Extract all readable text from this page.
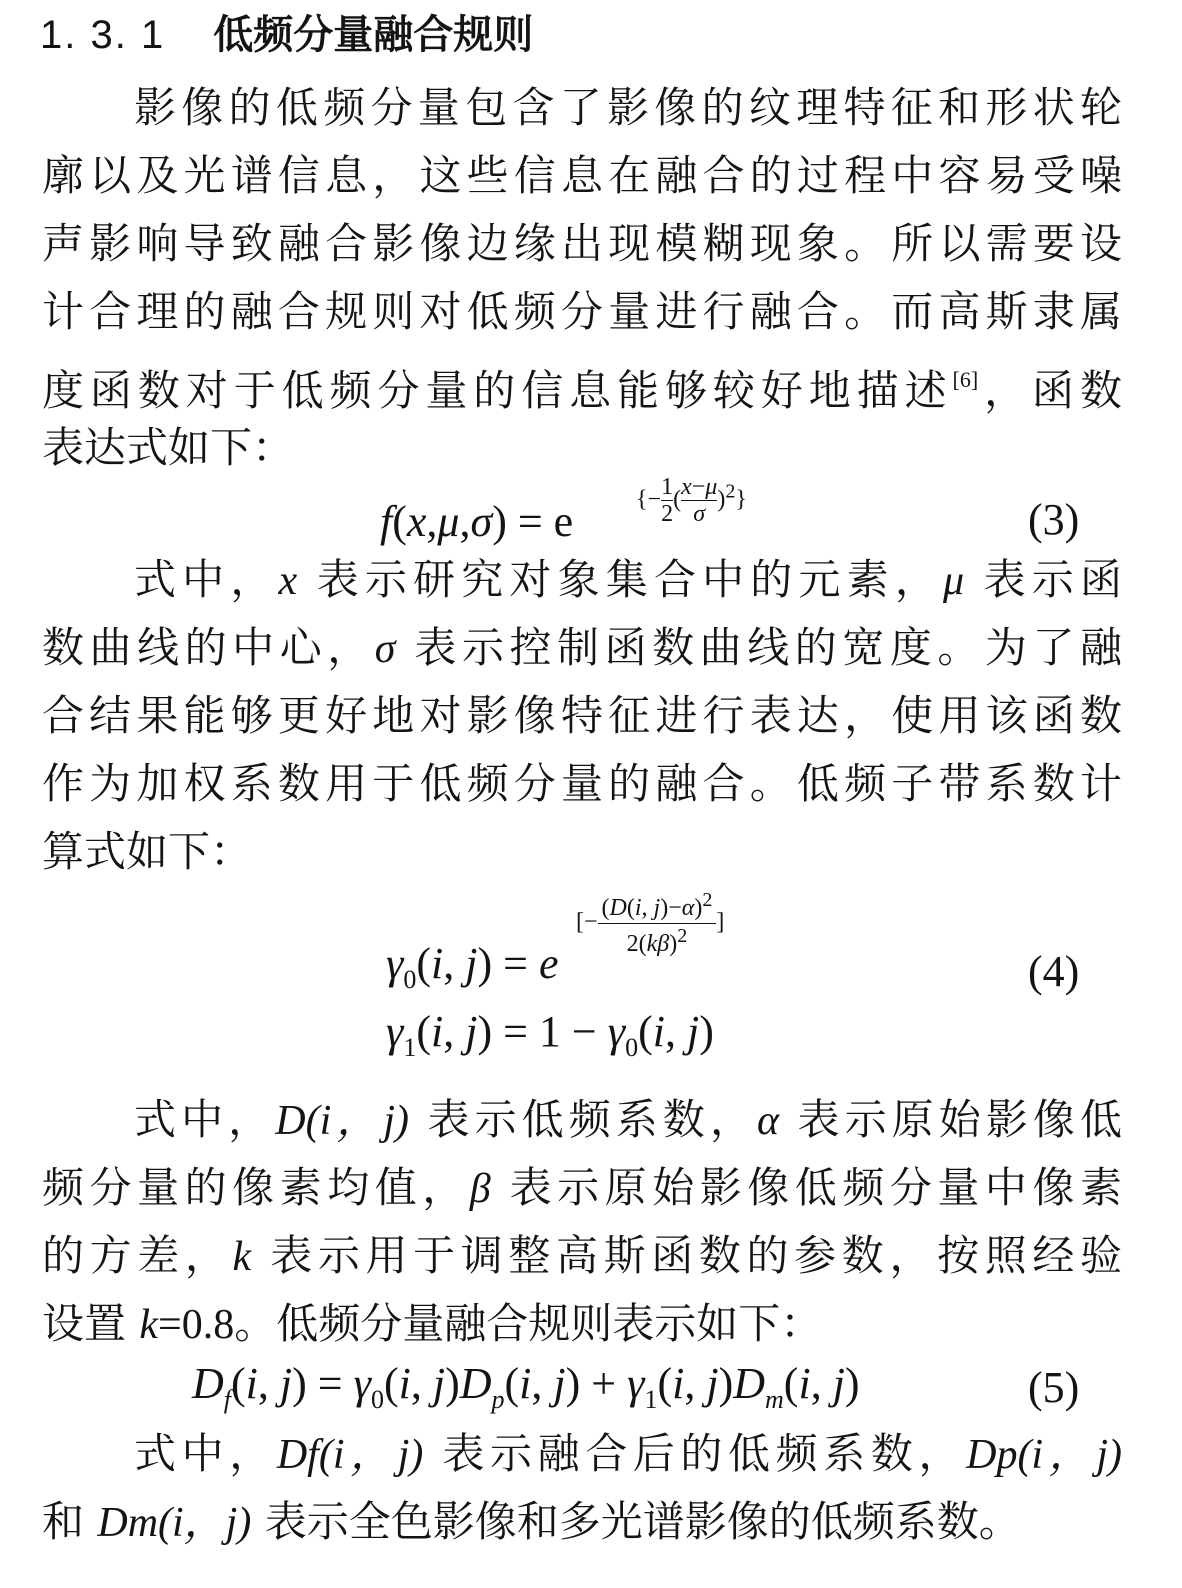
1. 3. 1 低频分量融合规则
影像的低频分量包含了影像的纹理特征和形状轮
廓以及光谱信息，这些信息在融合的过程中容易受噪
声影响导致融合影像边缘出现模糊现象。所以需要设
计合理的融合规则对低频分量进行融合。而高斯隶属
度函数对于低频分量的信息能够较好地描述[6]，函数
表达式如下：
f(x,μ,σ) = e	{− $\frac{1}{2}$ ( $\frac{x-\mu}{\sigma} )^2$}	(3)
式中，x 表示研究对象集合中的元素，μ 表示函
数曲线的中心，σ 表示控制函数曲线的宽度。为了融
合结果能够更好地对影像特征进行表达，使用该函数
作为加权系数用于低频分量的融合。低频子带系数计
算式如下：
$\gamma_0(i$, j) = e
[− $\frac{(D(i, j)-\alpha)^2}{2(k\beta)^2}$ ]
$\gamma_1(i$, $j) = 1 - \gamma_0(i$, j)
(4)
式中，D(i，j) 表示低频系数，α 表示原始影像低
频分量的像素均值，β 表示原始影像低频分量中像素
的方差，k 表示用于调整高斯函数的参数，按照经验
设置 k=0.8。低频分量融合规则表示如下：
$D_f(i$, $j) = \gamma_0(i$, $j)D_p(i$, $j) + \gamma_1(i$, $j)D_m(i$, j)	(5)
式中，Df(i，j) 表示融合后的低频系数，Dp(i，j)
和 Dm(i，j) 表示全色影像和多光谱影像的低频系数。
